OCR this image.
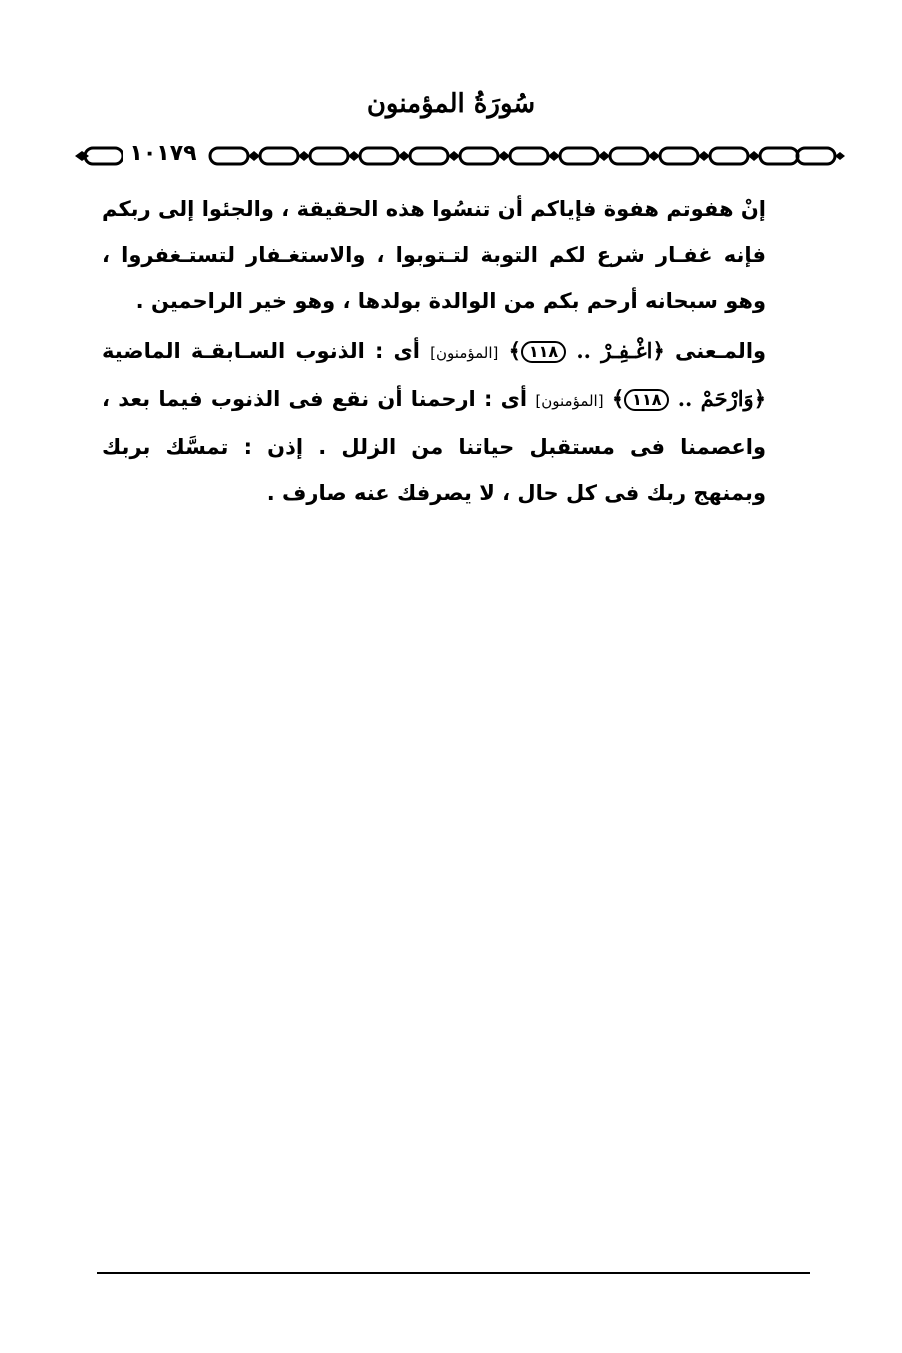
سُورَةُ المؤمنون
١٠١٧٩

إنْ هفوتم هفوة فإياكم أن تنسُوا هذه الحقيقة ، والجئوا إلى ربكم فإنه غفـار شرع لكم التوبة لتـتوبوا ، والاستغـفار لتستـغفروا ، وهو سبحانه أرحم بكم من الوالدة بولدها ، وهو خير الراحمين .

والمـعنى ﴿اغْـفِـرْ .. ١١٨﴾ [المؤمنون] أى : الذنوب السـابقـة الماضية ﴿وَارْحَمْ .. ١١٨﴾ [المؤمنون] أى : ارحمنا أن نقع فى الذنوب فيما بعد ، واعصمنا فى مستقبل حياتنا من الزلل . إذن : تمسَّك بربك وبمنهج ربك فى كل حال ، لا يصرفك عنه صارف .
